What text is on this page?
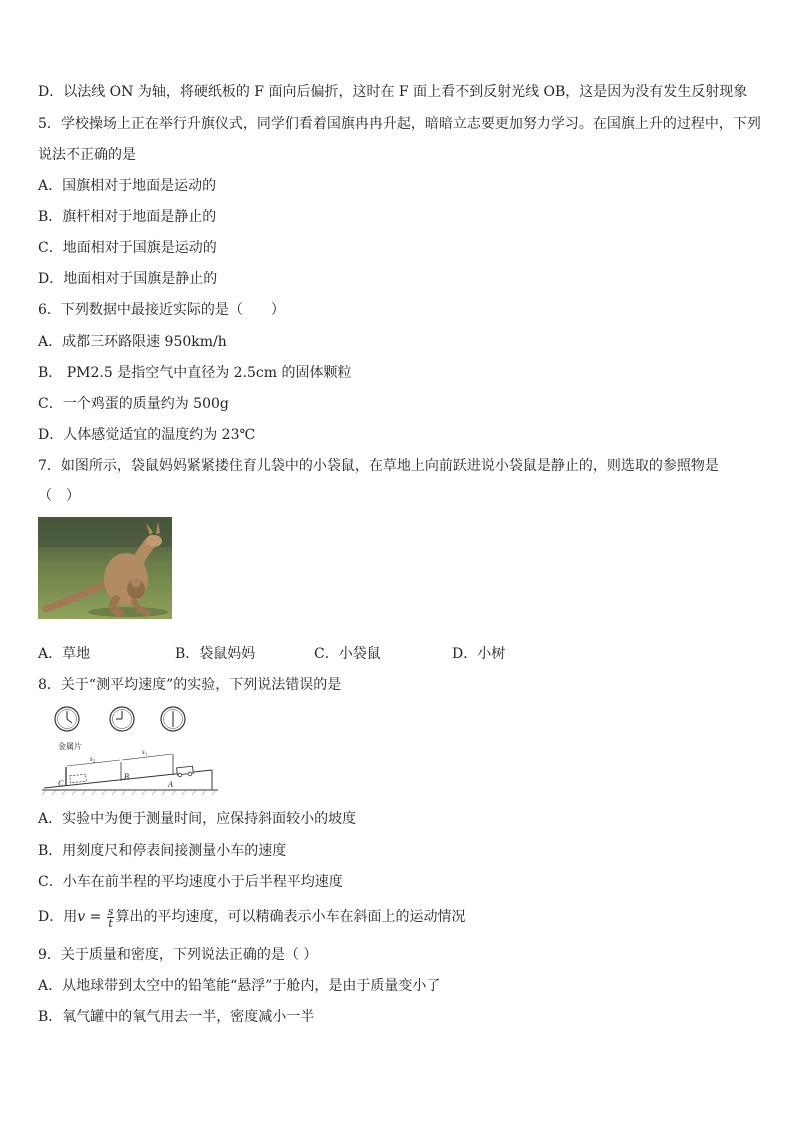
D．以法线 ON 为轴，将硬纸板的 F 面向后偏折，这时在 F 面上看不到反射光线 OB，这是因为没有发生反射现象
5．学校操场上正在举行升旗仪式，同学们看着国旗冉冉升起，暗暗立志要更加努力学习。在国旗上升的过程中，下列
说法不正确的是
A．国旗相对于地面是运动的
B．旗杆相对于地面是静止的
C．地面相对于国旗是运动的
D．地面相对于国旗是静止的
6．下列数据中最接近实际的是（　　）
A．成都三环路限速 950km/h
B． PM2.5 是指空气中直径为 2.5cm 的固体颗粒
C．一个鸡蛋的质量约为 500g
D．人体感觉适宜的温度约为 23℃
7．如图所示，袋鼠妈妈紧紧搂住育儿袋中的小袋鼠，在草地上向前跃进说小袋鼠是静止的，则选取的参照物是
（　）
A．草地	B．袋鼠妈妈	C．小袋鼠	D．小树
8．关于“测平均速度”的实验，下列说法错误的是
金属片
s₂
s₁
C
B
A
A．实验中为便于测量时间，应保持斜面较小的坡度
B．用刻度尺和停表间接测量小车的速度
C．小车在前半程的平均速度小于后半程平均速度
D．用$v = \frac{s}{t}$ 算出的平均速度，可以精确表示小车在斜面上的运动情况
9．关于质量和密度，下列说法正确的是（ ）
A．从地球带到太空中的铅笔能“悬浮”于舱内，是由于质量变小了
B．氧气罐中的氧气用去一半，密度减小一半
